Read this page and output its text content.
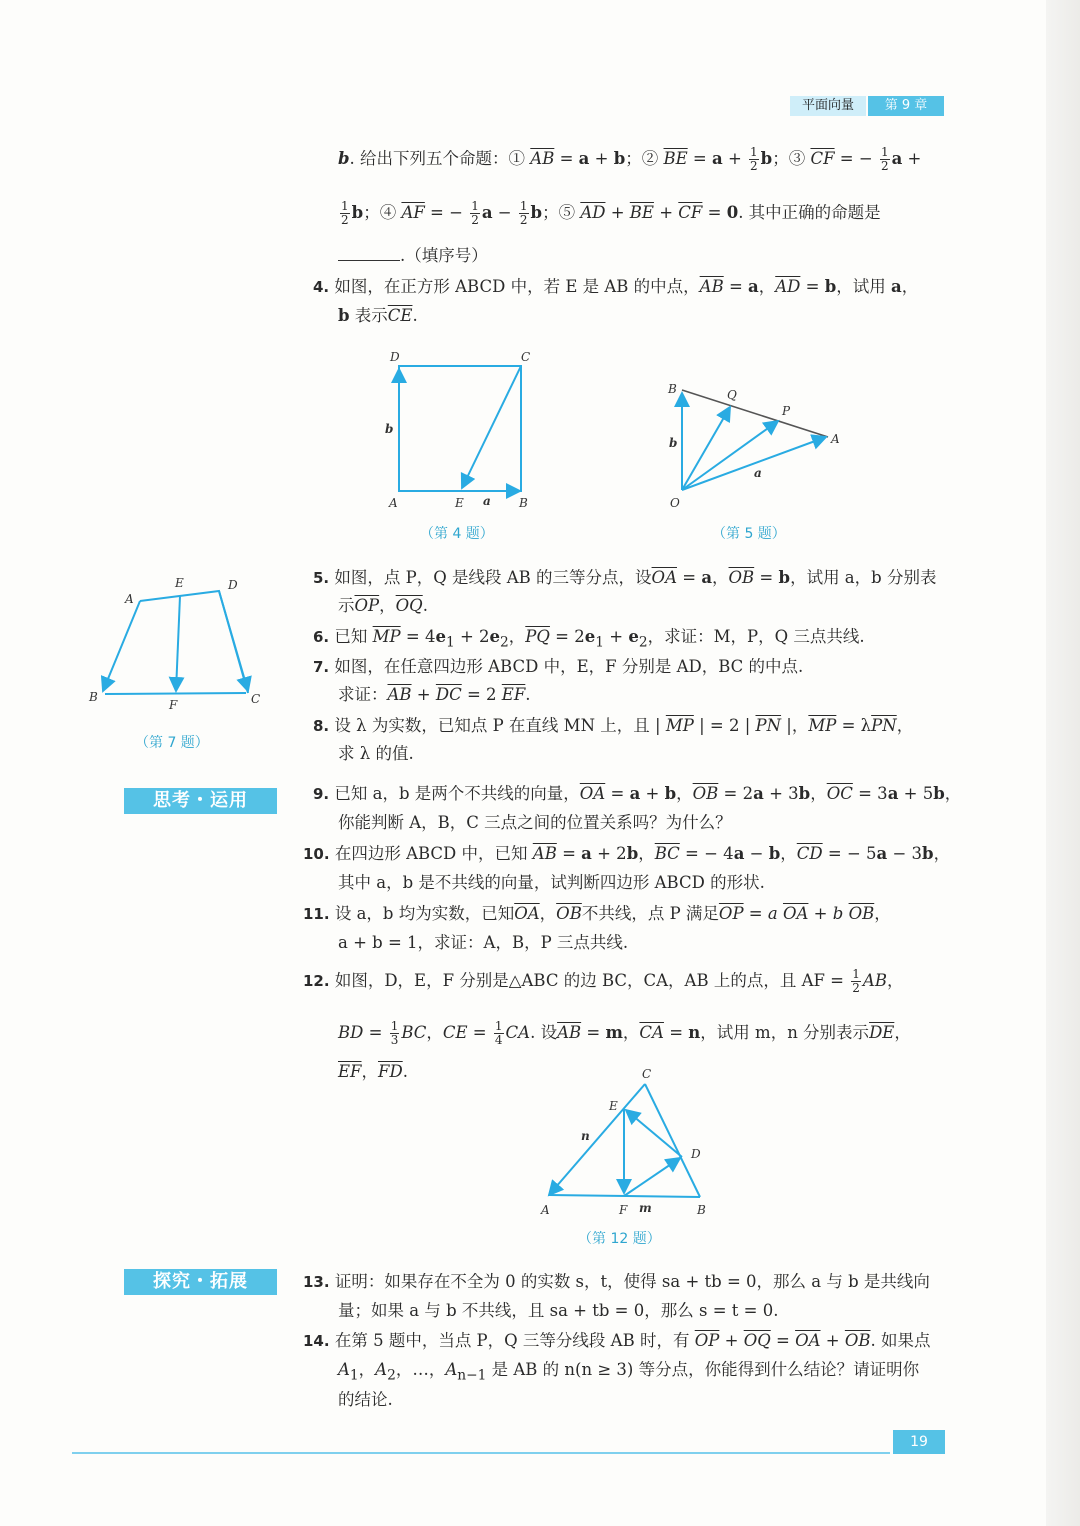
平面向量	第 9 章
b. 给出下列五个命题：① $\overline{AB} = a + b$；② $\overline{BE} = a + \frac{1}{2}$ b；③ $\overline{CF}$ = − $\frac{1}{2}$ a +
$\frac{1}{2}$ b；④ $\overline{AF}$ = − $\frac{1}{2}$ $a - \frac{1}{2}$ b；⑤ $\overline{AD} + \overline{BE} + \overline{CF} = 0$. 其中正确的命题是
.（填序号）
4. 如图，在正方形 ABCD 中，若 E 是 AB 的中点，$\overline{AB} = a$，$\overline{AD} = b$，试用 a，
b 表示$\overline{CE}$.
D	C
b
A	E a B
（第 4 题）
B	Q
P
A
b
a
O
（第 5 题）
A
E	D
B
F	C
（第 7 题）
5. 如图，点 P，Q 是线段 AB 的三等分点，设$\overline{OA} = a$，$\overline{OB} = b$，试用 a，b 分别表
示$\overline{OP}$，$\overline{OQ}$.
6. 已知 $\overline{MP} = 4e_1 + 2e_2$，$\overline{PQ} = 2e_1 + e_2$，求证：M，P，Q 三点共线.
7. 如图，在任意四边形 ABCD 中，E，F 分别是 AD，BC 的中点.
求证：$\overline{AB} + \overline{DC} = 2$ $\overline{EF}$.
8. 设 λ 为实数，已知点 P 在直线 MN 上，且 | $\overline{MP}$ | = 2 | $\overline{PN}$ |，$\overline{MP} = \lambda\overline{PN}$，
求 λ 的值.
思考・运用	9. 已知 a，b 是两个不共线的向量，$\overline{OA} = a + b$，$\overline{OB} = 2a + 3b$，$\overline{OC} = 3a + 5b$，
你能判断 A，B，C 三点之间的位置关系吗？为什么？
10. 在四边形 ABCD 中，已知 $\overline{AB} = a + 2b$，$\overline{BC}$ = − 4a − b，$\overline{CD}$ = − 5a − 3b，
其中 a，b 是不共线的向量，试判断四边形 ABCD 的形状.
11. 设 a，b 均为实数，已知$\overline{OA}$，$\overline{OB}$不共线，点 P 满足$\overline{OP} = a$ $\overline{OA} + b$ $\overline{OB}$，
a + b = 1，求证：A，B，P 三点共线.
12. 如图，D，E，F 分别是△ABC 的边 BC，CA，AB 上的点，且 AF = $\frac{1}{2}$ AB，
BD = $\frac{1}{3}$ BC，CE = $\frac{1}{4}$ CA. 设$\overline{AB} = m$，$\overline{CA} = n$，试用 m，n 分别表示$\overline{DE}$，
$\overline{EF}$，$\overline{FD}$.	C
E
n
D
A	F m	B
（第 12 题）
探究・拓展	13. 证明：如果存在不全为 0 的实数 s，t，使得 sa + tb = 0，那么 a 与 b 是共线向
量；如果 a 与 b 不共线，且 sa + tb = 0，那么 s = t = 0.
14. 在第 5 题中，当点 P，Q 三等分线段 AB 时，有 $\overline{OP} + \overline{OQ} = \overline{OA} + \overline{OB}$. 如果点
$A_1$，$A_2$，…，$A_{n-1}$ 是 AB 的 n(n ≥ 3) 等分点，你能得到什么结论？请证明你
的结论.
19
